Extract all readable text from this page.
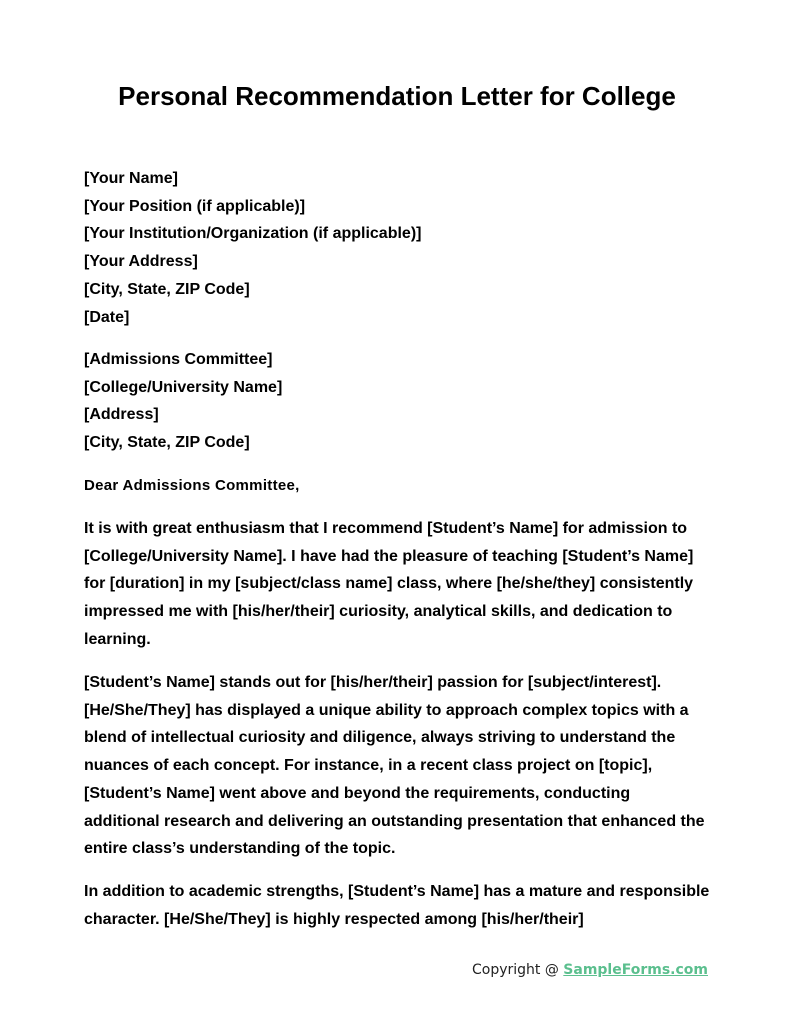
Personal Recommendation Letter for College
[Your Name]
[Your Position (if applicable)]
[Your Institution/Organization (if applicable)]
[Your Address]
[City, State, ZIP Code]
[Date]
[Admissions Committee]
[College/University Name]
[Address]
[City, State, ZIP Code]
Dear Admissions Committee,

It is with great enthusiasm that I recommend [Student’s Name] for admission to [College/University Name]. I have had the pleasure of teaching [Student’s Name] for [duration] in my [subject/class name] class, where [he/she/they] consistently impressed me with [his/her/their] curiosity, analytical skills, and dedication to learning.

[Student’s Name] stands out for [his/her/their] passion for [subject/interest]. [He/She/They] has displayed a unique ability to approach complex topics with a blend of intellectual curiosity and diligence, always striving to understand the nuances of each concept. For instance, in a recent class project on [topic], [Student’s Name] went above and beyond the requirements, conducting additional research and delivering an outstanding presentation that enhanced the entire class’s understanding of the topic.

In addition to academic strengths, [Student’s Name] has a mature and responsible character. [He/She/They] is highly respected among [his/her/their]

Copyright @ SampleForms.com
